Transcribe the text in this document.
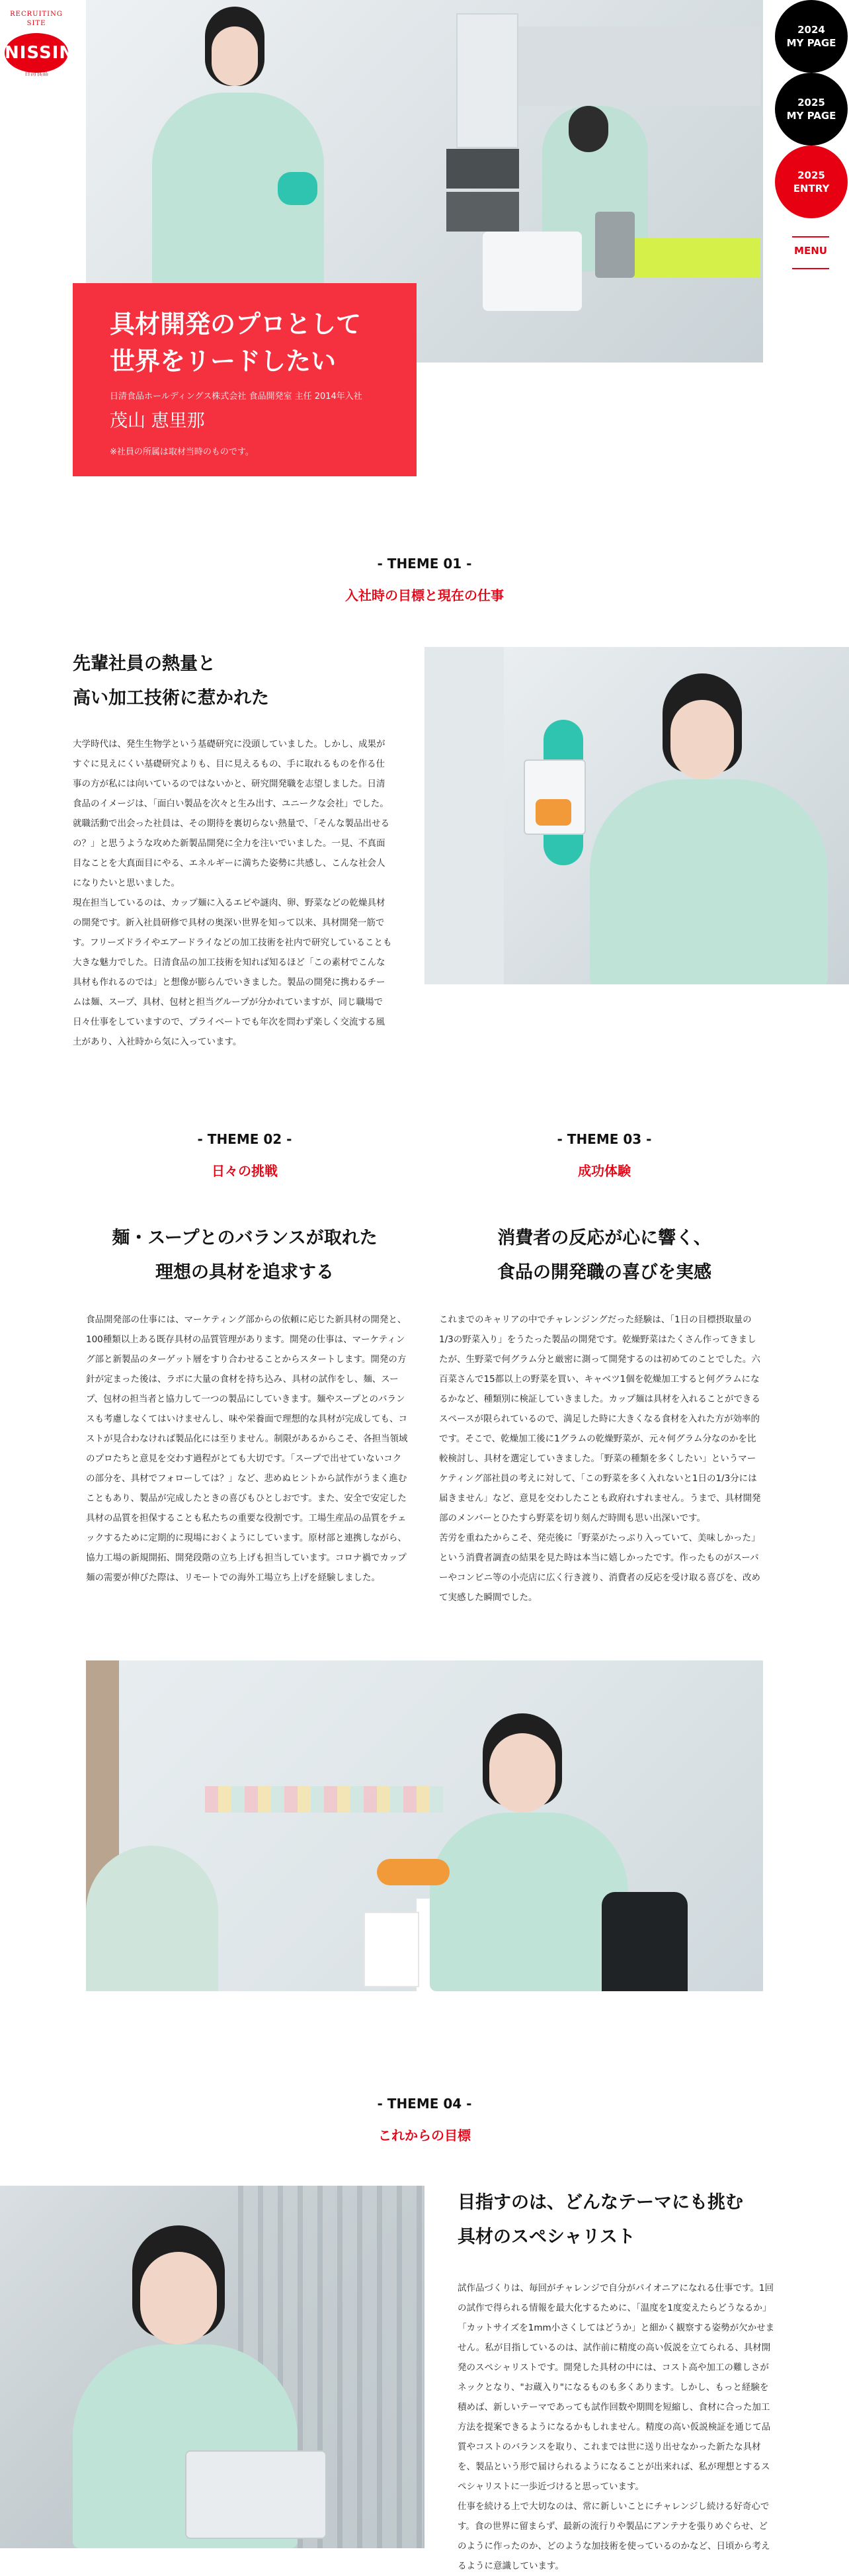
RECRUITING
SITE
NISSIN
日清食品
具材開発のプロとして
世界をリードしたい
日清食品ホールディングス株式会社 食品開発室 主任 2014年入社
茂山 恵里那
※社員の所属は取材当時のものです。
2024
MY PAGE
2025
MY PAGE
2025
ENTRY
MENU
- THEME 01 -
入社時の目標と現在の仕事
先輩社員の熱量と
高い加工技術に惹かれた
大学時代は、発生生物学という基礎研究に没頭していました。しかし、成果がすぐに見えにくい基礎研究よりも、目に見えるもの、手に取れるものを作る仕事の方が私には向いているのではないかと、研究開発職を志望しました。日清食品のイメージは、「面白い製品を次々と生み出す、ユニークな会社」でした。就職活動で出会った社員は、その期待を裏切らない熱量で、「そんな製品出せるの？」と思うような攻めた新製品開発に全力を注いでいました。一見、不真面目なことを大真面目にやる、エネルギーに満ちた姿勢に共感し、こんな社会人になりたいと思いました。
現在担当しているのは、カップ麺に入るエビや謎肉、卵、野菜などの乾燥具材の開発です。新入社員研修で具材の奥深い世界を知って以来、具材開発一筋です。フリーズドライやエアードライなどの加工技術を社内で研究していることも大きな魅力でした。日清食品の加工技術を知れば知るほど「この素材でこんな具材も作れるのでは」と想像が膨らんでいきました。製品の開発に携わるチームは麺、スープ、具材、包材と担当グループが分かれていますが、同じ職場で日々仕事をしていますので、プライベートでも年次を問わず楽しく交流する風土があり、入社時から気に入っています。
- THEME 02 -
日々の挑戦
麺・スープとのバランスが取れた
理想の具材を追求する
食品開発部の仕事には、マーケティング部からの依頼に応じた新具材の開発と、100種類以上ある既存具材の品質管理があります。開発の仕事は、マーケティング部と新製品のターゲット層をすり合わせることからスタートします。開発の方針が定まった後は、ラボに大量の食材を持ち込み、具材の試作をし、麺、スープ、包材の担当者と協力して一つの製品にしていきます。麺やスープとのバランスも考慮しなくてはいけませんし、味や栄養面で理想的な具材が完成しても、コストが見合わなければ製品化には至りません。制限があるからこそ、各担当領域のプロたちと意見を交わす過程がとても大切です。「スープで出せていないコクの部分を、具材でフォローしては？」など、悲めぬヒントから試作がうまく進むこともあり、製品が完成したときの喜びもひとしおです。また、安全で安定した具材の品質を担保することも私たちの重要な役割です。工場生産品の品質をチェックするために定期的に現場におくようにしています。原材部と連携しながら、協力工場の新規開拓、開発段階の立ち上げも担当しています。コロナ禍でカップ麺の需要が伸びた際は、リモートでの海外工場立ち上げを経験しました。
- THEME 03 -
成功体験
消費者の反応が心に響く、
食品の開発職の喜びを実感
これまでのキャリアの中でチャレンジングだった経験は、「1日の目標摂取量の1/3の野菜入り」をうたった製品の開発です。乾燥野菜はたくさん作ってきましたが、生野菜で何グラム分と厳密に測って開発するのは初めてのことでした。六百菜さんで15都以上の野菜を買い、キャベツ1個を乾燥加工すると何グラムになるかなど、種類別に検証していきました。カップ麺は具材を入れることができるスペースが限られているので、満足した時に大きくなる食材を入れた方が効率的です。そこで、乾燥加工後に1グラムの乾燥野菜が、元々何グラム分なのかを比較検討し、具材を選定していきました。「野菜の種類を多くしたい」というマーケティング部社員の考えに対して、「この野菜を多く入れないと1日の1/3分には届きません」など、意見を交わしたことも政府れすれません。うまで、具材開発部のメンバーとひたすら野菜を切り刻んだ時間も思い出深いです。
苦労を重ねたからこそ、発売後に「野菜がたっぷり入っていて、美味しかった」という消費者調査の結果を見た時は本当に嬉しかったです。作ったものがスーパーやコンビニ等の小売店に広く行き渡り、消費者の反応を受け取る喜びを、改めて実感した瞬間でした。
- THEME 04 -
これからの目標
目指すのは、どんなテーマにも挑む
具材のスペシャリスト
試作品づくりは、毎回がチャレンジで自分がパイオニアになれる仕事です。1回の試作で得られる情報を最大化するために、「温度を1度変えたらどうなるか」「カットサイズを1mm小さくしてはどうか」と細かく観察する姿勢が欠かせません。私が目指しているのは、試作前に精度の高い仮説を立てられる、具材開発のスペシャリストです。開発した具材の中には、コスト高や加工の難しさがネックとなり、"お蔵入り"になるものも多くあります。しかし、もっと経験を積めば、新しいテーマであっても試作回数や期間を短縮し、食材に合った加工方法を提案できるようになるかもしれません。精度の高い仮説検証を通じて品質やコストのバランスを取り、これまでは世に送り出せなかった新たな具材を、製品という形で届けられるようになることが出来れば、私が理想とするスペシャリストに一歩近づけると思っています。
仕事を続ける上で大切なのは、常に新しいことにチャレンジし続ける好奇心です。食の世界に留まらず、最新の流行りや製品にアンテナを張りめぐらせ、どのように作ったのか、どのような加技術を使っているのかなど、日頃から考えるように意識しています。
